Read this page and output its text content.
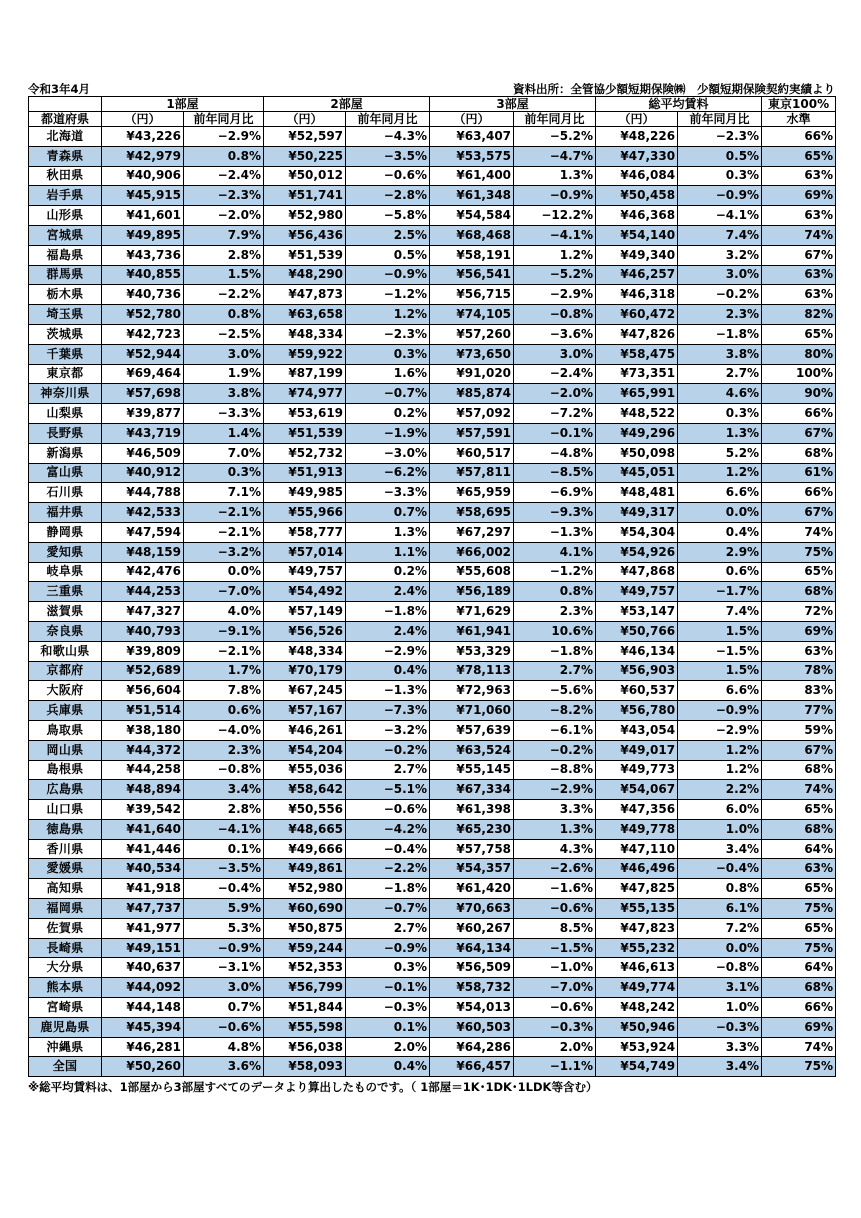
令和3年4月	資料出所：全管協少額短期保険㈱　少額短期保険契約実績より
	1部屋		2部屋		3部屋		総平均賃料		東京100%
都道府県	（円）	前年同月比	（円）	前年同月比	（円）	前年同月比	（円）	前年同月比	水準
北海道	¥43,226	−2.9%	¥52,597	−4.3%	¥63,407	−5.2%	¥48,226	−2.3%	66%
青森県	¥42,979	0.8%	¥50,225	−3.5%	¥53,575	−4.7%	¥47,330	0.5%	65%
秋田県	¥40,906	−2.4%	¥50,012	−0.6%	¥61,400	1.3%	¥46,084	0.3%	63%
岩手県	¥45,915	−2.3%	¥51,741	−2.8%	¥61,348	−0.9%	¥50,458	−0.9%	69%
山形県	¥41,601	−2.0%	¥52,980	−5.8%	¥54,584	−12.2%	¥46,368	−4.1%	63%
宮城県	¥49,895	7.9%	¥56,436	2.5%	¥68,468	−4.1%	¥54,140	7.4%	74%
福島県	¥43,736	2.8%	¥51,539	0.5%	¥58,191	1.2%	¥49,340	3.2%	67%
群馬県	¥40,855	1.5%	¥48,290	−0.9%	¥56,541	−5.2%	¥46,257	3.0%	63%
栃木県	¥40,736	−2.2%	¥47,873	−1.2%	¥56,715	−2.9%	¥46,318	−0.2%	63%
埼玉県	¥52,780	0.8%	¥63,658	1.2%	¥74,105	−0.8%	¥60,472	2.3%	82%
茨城県	¥42,723	−2.5%	¥48,334	−2.3%	¥57,260	−3.6%	¥47,826	−1.8%	65%
千葉県	¥52,944	3.0%	¥59,922	0.3%	¥73,650	3.0%	¥58,475	3.8%	80%
東京都	¥69,464	1.9%	¥87,199	1.6%	¥91,020	−2.4%	¥73,351	2.7%	100%
神奈川県	¥57,698	3.8%	¥74,977	−0.7%	¥85,874	−2.0%	¥65,991	4.6%	90%
山梨県	¥39,877	−3.3%	¥53,619	0.2%	¥57,092	−7.2%	¥48,522	0.3%	66%
長野県	¥43,719	1.4%	¥51,539	−1.9%	¥57,591	−0.1%	¥49,296	1.3%	67%
新潟県	¥46,509	7.0%	¥52,732	−3.0%	¥60,517	−4.8%	¥50,098	5.2%	68%
富山県	¥40,912	0.3%	¥51,913	−6.2%	¥57,811	−8.5%	¥45,051	1.2%	61%
石川県	¥44,788	7.1%	¥49,985	−3.3%	¥65,959	−6.9%	¥48,481	6.6%	66%
福井県	¥42,533	−2.1%	¥55,966	0.7%	¥58,695	−9.3%	¥49,317	0.0%	67%
静岡県	¥47,594	−2.1%	¥58,777	1.3%	¥67,297	−1.3%	¥54,304	0.4%	74%
愛知県	¥48,159	−3.2%	¥57,014	1.1%	¥66,002	4.1%	¥54,926	2.9%	75%
岐阜県	¥42,476	0.0%	¥49,757	0.2%	¥55,608	−1.2%	¥47,868	0.6%	65%
三重県	¥44,253	−7.0%	¥54,492	2.4%	¥56,189	0.8%	¥49,757	−1.7%	68%
滋賀県	¥47,327	4.0%	¥57,149	−1.8%	¥71,629	2.3%	¥53,147	7.4%	72%
奈良県	¥40,793	−9.1%	¥56,526	2.4%	¥61,941	10.6%	¥50,766	1.5%	69%
和歌山県	¥39,809	−2.1%	¥48,334	−2.9%	¥53,329	−1.8%	¥46,134	−1.5%	63%
京都府	¥52,689	1.7%	¥70,179	0.4%	¥78,113	2.7%	¥56,903	1.5%	78%
大阪府	¥56,604	7.8%	¥67,245	−1.3%	¥72,963	−5.6%	¥60,537	6.6%	83%
兵庫県	¥51,514	0.6%	¥57,167	−7.3%	¥71,060	−8.2%	¥56,780	−0.9%	77%
鳥取県	¥38,180	−4.0%	¥46,261	−3.2%	¥57,639	−6.1%	¥43,054	−2.9%	59%
岡山県	¥44,372	2.3%	¥54,204	−0.2%	¥63,524	−0.2%	¥49,017	1.2%	67%
島根県	¥44,258	−0.8%	¥55,036	2.7%	¥55,145	−8.8%	¥49,773	1.2%	68%
広島県	¥48,894	3.4%	¥58,642	−5.1%	¥67,334	−2.9%	¥54,067	2.2%	74%
山口県	¥39,542	2.8%	¥50,556	−0.6%	¥61,398	3.3%	¥47,356	6.0%	65%
徳島県	¥41,640	−4.1%	¥48,665	−4.2%	¥65,230	1.3%	¥49,778	1.0%	68%
香川県	¥41,446	0.1%	¥49,666	−0.4%	¥57,758	4.3%	¥47,110	3.4%	64%
愛媛県	¥40,534	−3.5%	¥49,861	−2.2%	¥54,357	−2.6%	¥46,496	−0.4%	63%
高知県	¥41,918	−0.4%	¥52,980	−1.8%	¥61,420	−1.6%	¥47,825	0.8%	65%
福岡県	¥47,737	5.9%	¥60,690	−0.7%	¥70,663	−0.6%	¥55,135	6.1%	75%
佐賀県	¥41,977	5.3%	¥50,875	2.7%	¥60,267	8.5%	¥47,823	7.2%	65%
長崎県	¥49,151	−0.9%	¥59,244	−0.9%	¥64,134	−1.5%	¥55,232	0.0%	75%
大分県	¥40,637	−3.1%	¥52,353	0.3%	¥56,509	−1.0%	¥46,613	−0.8%	64%
熊本県	¥44,092	3.0%	¥56,799	−0.1%	¥58,732	−7.0%	¥49,774	3.1%	68%
宮崎県	¥44,148	0.7%	¥51,844	−0.3%	¥54,013	−0.6%	¥48,242	1.0%	66%
鹿児島県	¥45,394	−0.6%	¥55,598	0.1%	¥60,503	−0.3%	¥50,946	−0.3%	69%
沖縄県	¥46,281	4.8%	¥56,038	2.0%	¥64,286	2.0%	¥53,924	3.3%	74%
全国	¥50,260	3.6%	¥58,093	0.4%	¥66,457	−1.1%	¥54,749	3.4%	75%
※総平均賃料は、1部屋から3部屋すべてのデータより算出したものです。（ 1部屋＝1K･1DK･1LDK等含む）
